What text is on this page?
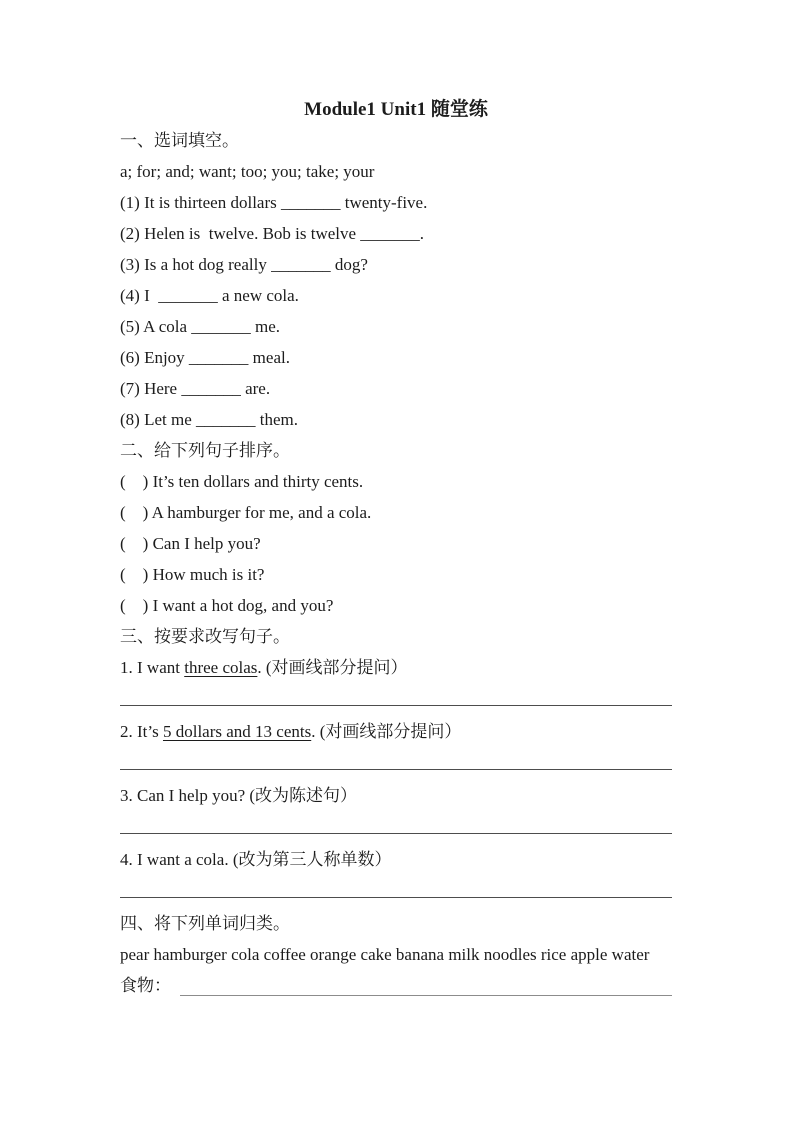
Module1 Unit1 随堂练
一、选词填空。
a; for; and; want; too; you; take; your
(1) It is thirteen dollars _______ twenty-five.
(2) Helen is  twelve. Bob is twelve _______.
(3) Is a hot dog really _______ dog?
(4) I  _______ a new cola.
(5) A cola _______ me.
(6) Enjoy _______ meal.
(7) Here _______ are.
(8) Let me _______ them.
二、给下列句子排序。
(    ) It’s ten dollars and thirty cents.
(    ) A hamburger for me, and a cola.
(    ) Can I help you?
(    ) How much is it?
(    ) I want a hot dog, and you?
三、按要求改写句子。
1. I want three colas. (对画线部分提问）
2. It’s 5 dollars and 13 cents. (对画线部分提问）
3. Can I help you? (改为陈述句）
4. I want a cola. (改为第三人称单数）
四、将下列单词归类。
pear hamburger cola coffee orange cake banana milk noodles rice apple water
食物：
